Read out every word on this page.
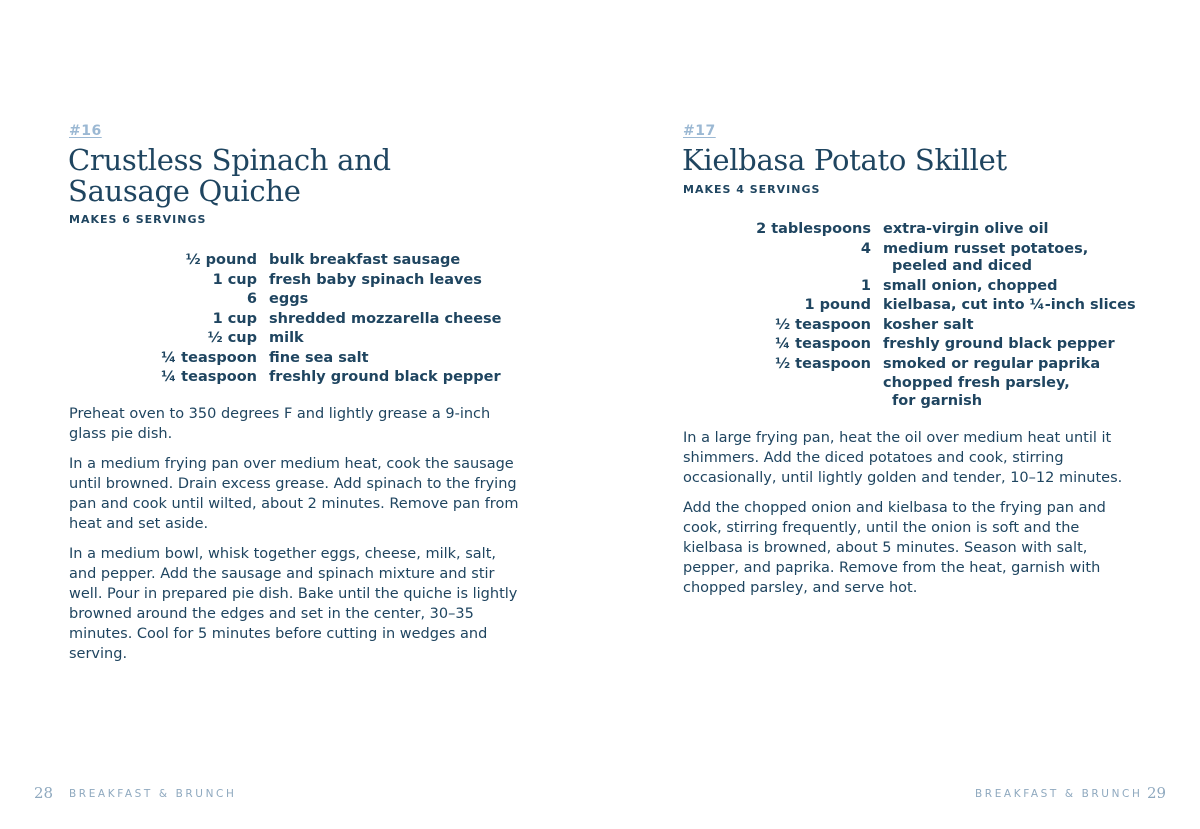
#16
Crustless Spinach and
Sausage Quiche
MAKES 6 SERVINGS
½ pound bulk breakfast sausage
1 cup fresh baby spinach leaves
6 eggs
1 cup shredded mozzarella cheese
½ cup milk
¼ teaspoon fine sea salt
¼ teaspoon freshly ground black pepper

Preheat oven to 350 degrees F and lightly grease a 9-inch glass pie dish.

In a medium frying pan over medium heat, cook the sausage until browned. Drain excess grease. Add spinach to the frying pan and cook until wilted, about 2 minutes. Remove pan from heat and set aside.

In a medium bowl, whisk together eggs, cheese, milk, salt, and pepper. Add the sausage and spinach mixture and stir well. Pour in prepared pie dish. Bake until the quiche is lightly browned around the edges and set in the center, 30–35 minutes. Cool for 5 minutes before cutting in wedges and serving.

28 BREAKFAST & BRUNCH
#17
Kielbasa Potato Skillet
MAKES 4 SERVINGS
2 tablespoons extra-virgin olive oil
4 medium russet potatoes,
peeled and diced
1 small onion, chopped
1 pound kielbasa, cut into ¼-inch slices
½ teaspoon kosher salt
¼ teaspoon freshly ground black pepper
½ teaspoon smoked or regular paprika
chopped fresh parsley,
for garnish

In a large frying pan, heat the oil over medium heat until it shimmers. Add the diced potatoes and cook, stirring occasionally, until lightly golden and tender, 10–12 minutes.

Add the chopped onion and kielbasa to the frying pan and cook, stirring frequently, until the onion is soft and the kielbasa is browned, about 5 minutes. Season with salt, pepper, and paprika. Remove from the heat, garnish with chopped parsley, and serve hot.

BREAKFAST & BRUNCH 29
